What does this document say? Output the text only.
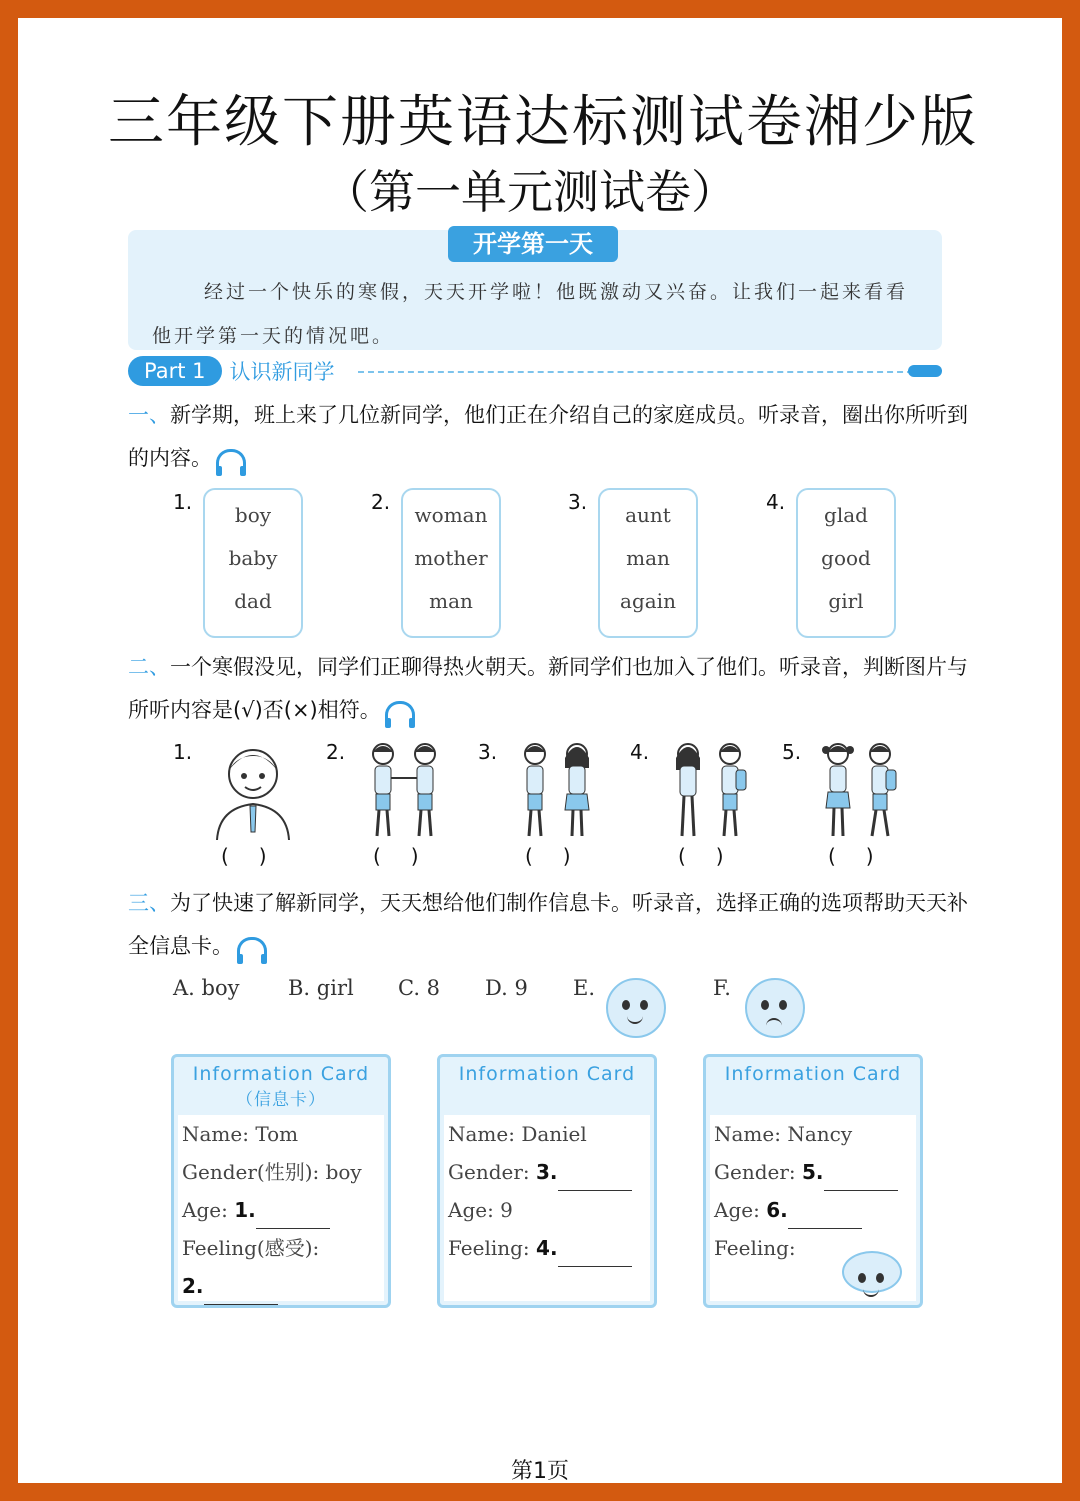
三年级下册英语达标测试卷湘少版
（第一单元测试卷）
开学第一天
经过一个快乐的寒假，天天开学啦！他既激动又兴奋。让我们一起来看看他开学第一天的情况吧。
Part 1	认识新同学
一、新学期，班上来了几位新同学，他们正在介绍自己的家庭成员。听录音，圈出你所听到的内容。
1.
boy
baby
dad
2.
woman
mother
man
3.
aunt
man
again
4.
glad
good
girl
二、一个寒假没见，同学们正聊得热火朝天。新同学们也加入了他们。听录音，判断图片与所听内容是(√)否(×)相符。
1.
()
2.
()
3.
()
4.
()
5.
()
三、为了快速了解新同学，天天想给他们制作信息卡。听录音，选择正确的选项帮助天天补全信息卡。
A. boy B. girl C. 8 D. 9 E.	F.
Information Card
（信息卡）
Name: Tom
Gender(性别): boy
Age: 1.
Feeling(感受):
2.
Information Card
Name: Daniel
Gender: 3.
Age: 9
Feeling: 4.
Information Card
Name: Nancy
Gender: 5.
Age: 6.
Feeling:
第1页
